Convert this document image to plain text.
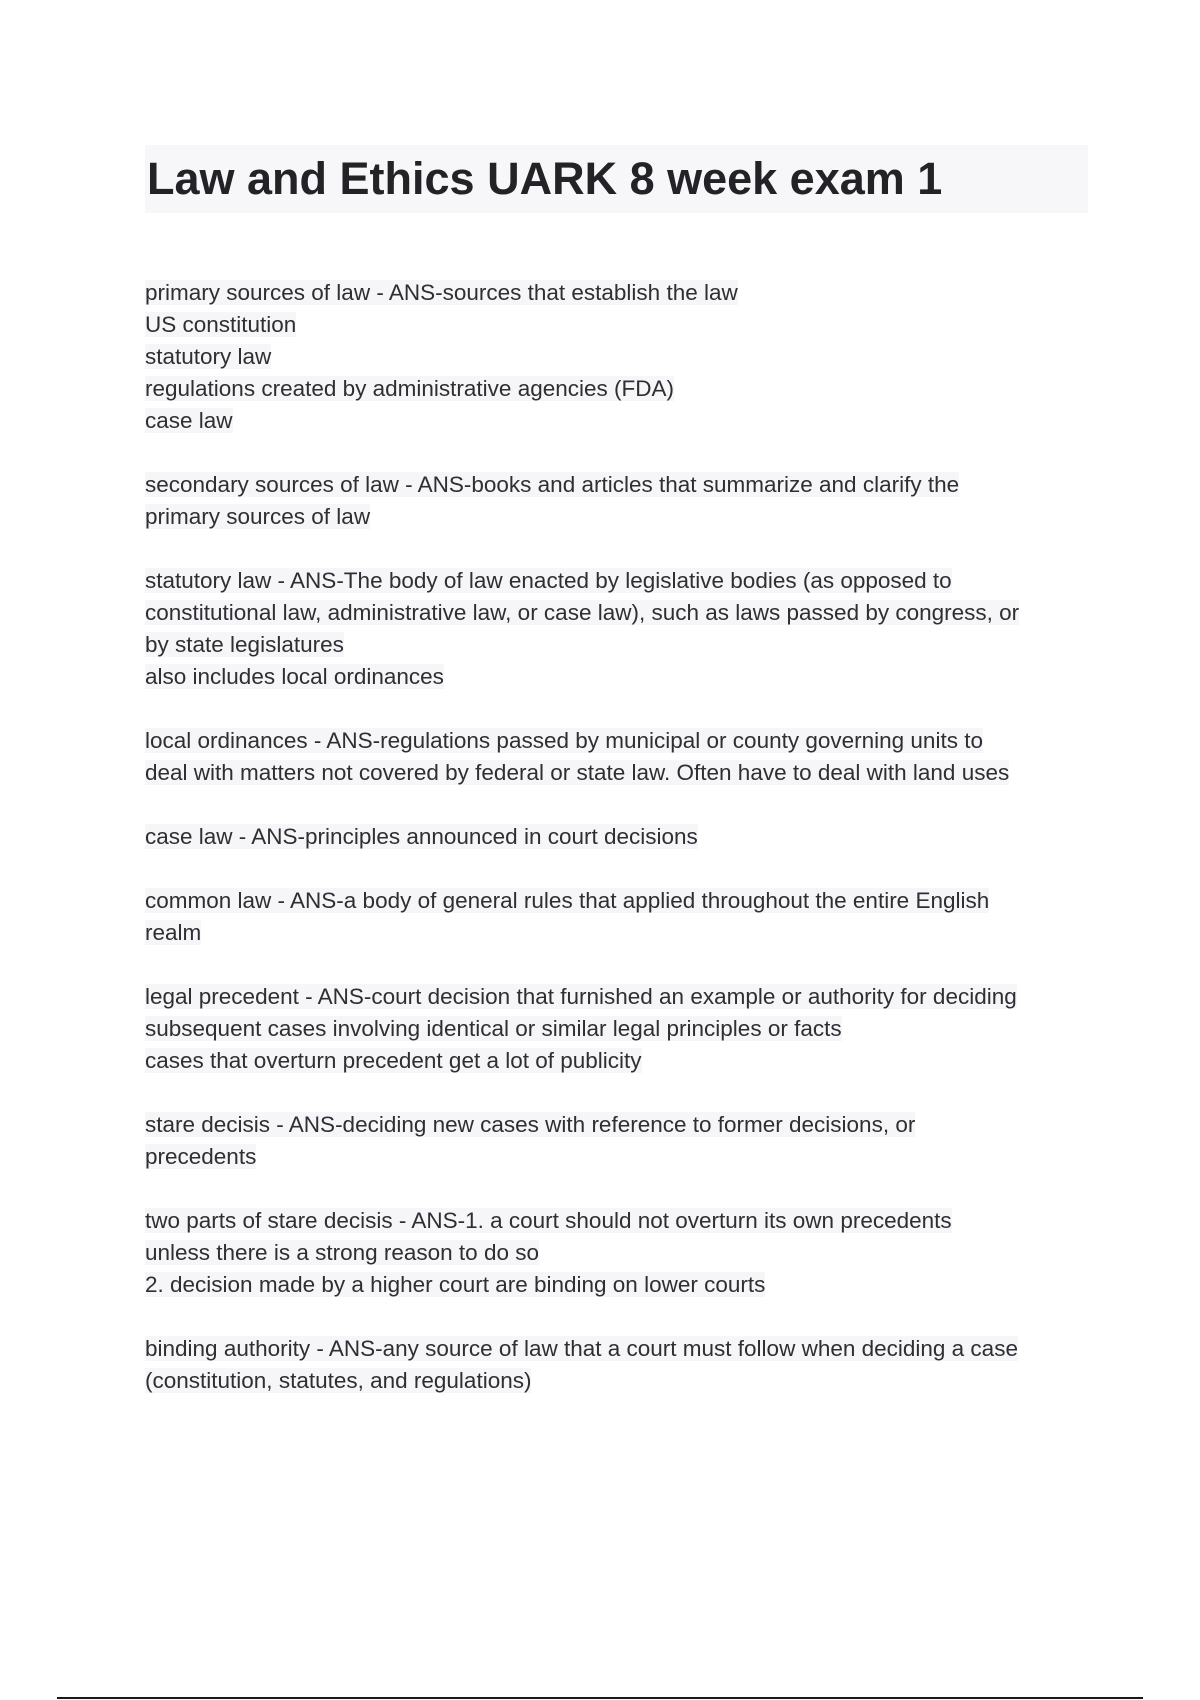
Law and Ethics UARK 8 week exam 1
primary sources of law - ANS-sources that establish the law
US constitution
statutory law
regulations created by administrative agencies (FDA)
case law
secondary sources of law - ANS-books and articles that summarize and clarify the
primary sources of law
statutory law - ANS-The body of law enacted by legislative bodies (as opposed to
constitutional law, administrative law, or case law), such as laws passed by congress, or
by state legislatures
also includes local ordinances
local ordinances - ANS-regulations passed by municipal or county governing units to
deal with matters not covered by federal or state law. Often have to deal with land uses
case law - ANS-principles announced in court decisions
common law - ANS-a body of general rules that applied throughout the entire English
realm
legal precedent - ANS-court decision that furnished an example or authority for deciding
subsequent cases involving identical or similar legal principles or facts
cases that overturn precedent get a lot of publicity
stare decisis - ANS-deciding new cases with reference to former decisions, or
precedents
two parts of stare decisis - ANS-1. a court should not overturn its own precedents
unless there is a strong reason to do so
2. decision made by a higher court are binding on lower courts
binding authority - ANS-any source of law that a court must follow when deciding a case
(constitution, statutes, and regulations)
